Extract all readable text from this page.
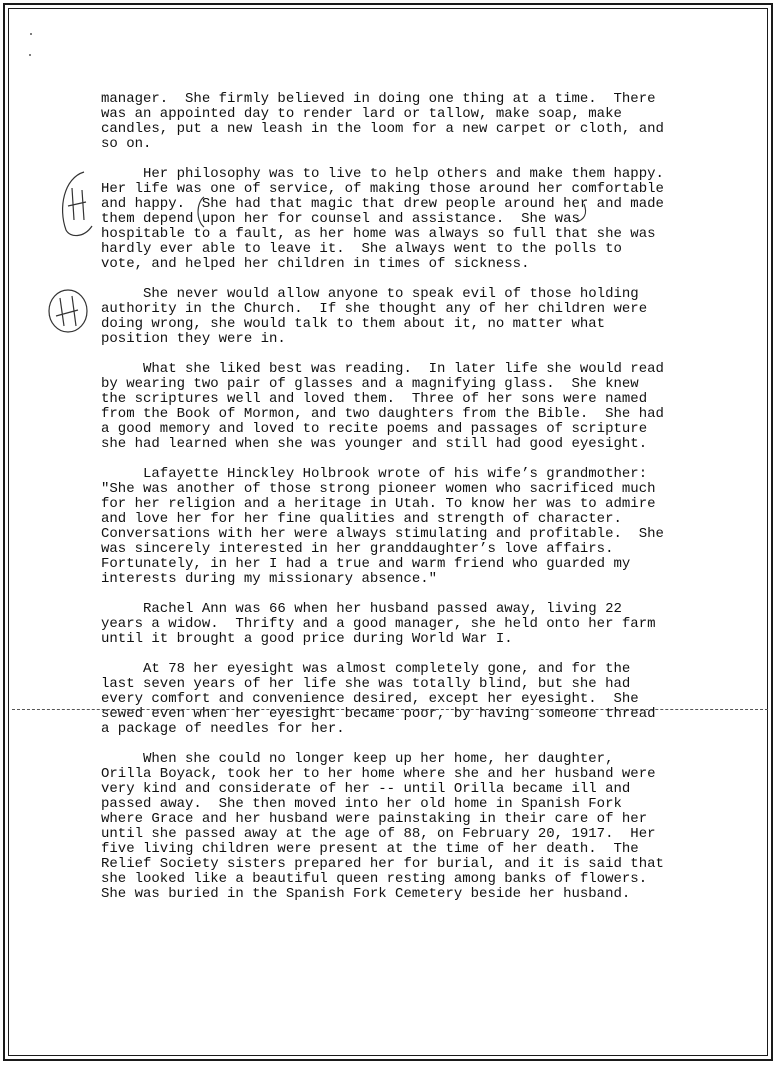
manager.  She firmly believed in doing one thing at a time.  There
was an appointed day to render lard or tallow, make soap, make
candles, put a new leash in the loom for a new carpet or cloth, and
so on.
Her philosophy was to live to help others and make them happy.
Her life was one of service, of making those around her comfortable
and happy.  She had that magic that drew people around her and made
them depend upon her for counsel and assistance.  She was
hospitable to a fault, as her home was always so full that she was
hardly ever able to leave it.  She always went to the polls to
vote, and helped her children in times of sickness.
She never would allow anyone to speak evil of those holding
authority in the Church.  If she thought any of her children were
doing wrong, she would talk to them about it, no matter what
position they were in.
What she liked best was reading.  In later life she would read
by wearing two pair of glasses and a magnifying glass.  She knew
the scriptures well and loved them.  Three of her sons were named
from the Book of Mormon, and two daughters from the Bible.  She had
a good memory and loved to recite poems and passages of scripture
she had learned when she was younger and still had good eyesight.
Lafayette Hinckley Holbrook wrote of his wife’s grandmother:
"She was another of those strong pioneer women who sacrificed much
for her religion and a heritage in Utah. To know her was to admire
and love her for her fine qualities and strength of character.
Conversations with her were always stimulating and profitable.  She
was sincerely interested in her granddaughter’s love affairs.
Fortunately, in her I had a true and warm friend who guarded my
interests during my missionary absence."
Rachel Ann was 66 when her husband passed away, living 22
years a widow.  Thrifty and a good manager, she held onto her farm
until it brought a good price during World War I.
At 78 her eyesight was almost completely gone, and for the
last seven years of her life she was totally blind, but she had
every comfort and convenience desired, except her eyesight.  She
sewed even when her eyesight became poor, by having someone thread
a package of needles for her.
When she could no longer keep up her home, her daughter,
Orilla Boyack, took her to her home where she and her husband were
very kind and considerate of her -- until Orilla became ill and
passed away.  She then moved into her old home in Spanish Fork
where Grace and her husband were painstaking in their care of her
until she passed away at the age of 88, on February 20, 1917.  Her
five living children were present at the time of her death.  The
Relief Society sisters prepared her for burial, and it is said that
she looked like a beautiful queen resting among banks of flowers.
She was buried in the Spanish Fork Cemetery beside her husband.
